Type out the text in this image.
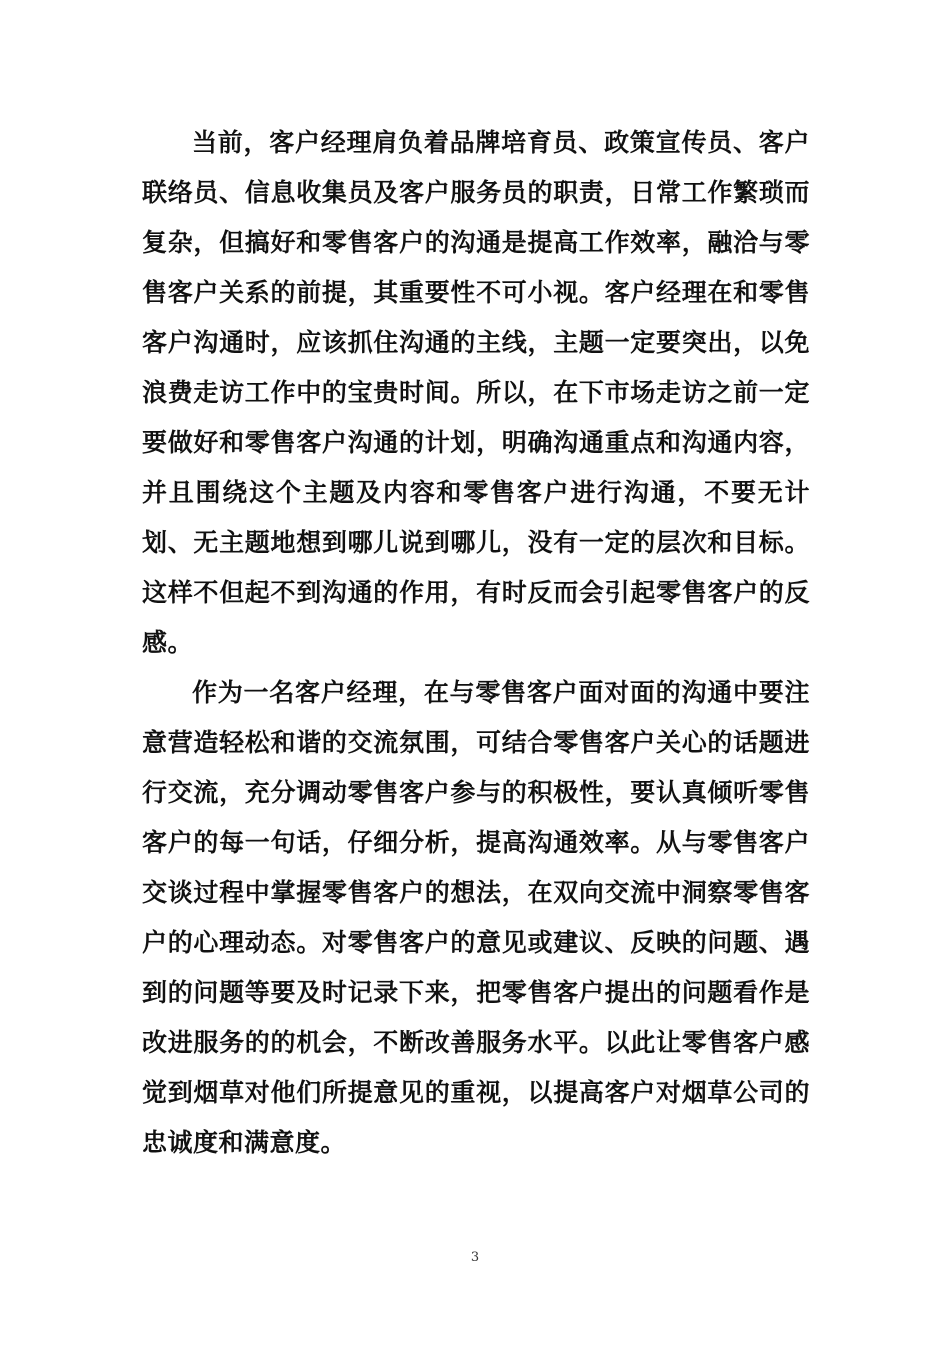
当前，客户经理肩负着品牌培育员、政策宣传员、客户联络员、信息收集员及客户服务员的职责，日常工作繁琐而复杂，但搞好和零售客户的沟通是提高工作效率，融洽与零售客户关系的前提，其重要性不可小视。客户经理在和零售客户沟通时，应该抓住沟通的主线，主题一定要突出，以免浪费走访工作中的宝贵时间。所以，在下市场走访之前一定要做好和零售客户沟通的计划，明确沟通重点和沟通内容，并且围绕这个主题及内容和零售客户进行沟通，不要无计划、无主题地想到哪儿说到哪儿，没有一定的层次和目标。这样不但起不到沟通的作用，有时反而会引起零售客户的反感。

作为一名客户经理，在与零售客户面对面的沟通中要注意营造轻松和谐的交流氛围，可结合零售客户关心的话题进行交流，充分调动零售客户参与的积极性，要认真倾听零售客户的每一句话，仔细分析，提高沟通效率。从与零售客户交谈过程中掌握零售客户的想法，在双向交流中洞察零售客户的心理动态。对零售客户的意见或建议、反映的问题、遇到的问题等要及时记录下来，把零售客户提出的问题看作是改进服务的的机会，不断改善服务水平。以此让零售客户感觉到烟草对他们所提意见的重视，以提高客户对烟草公司的忠诚度和满意度。

3
